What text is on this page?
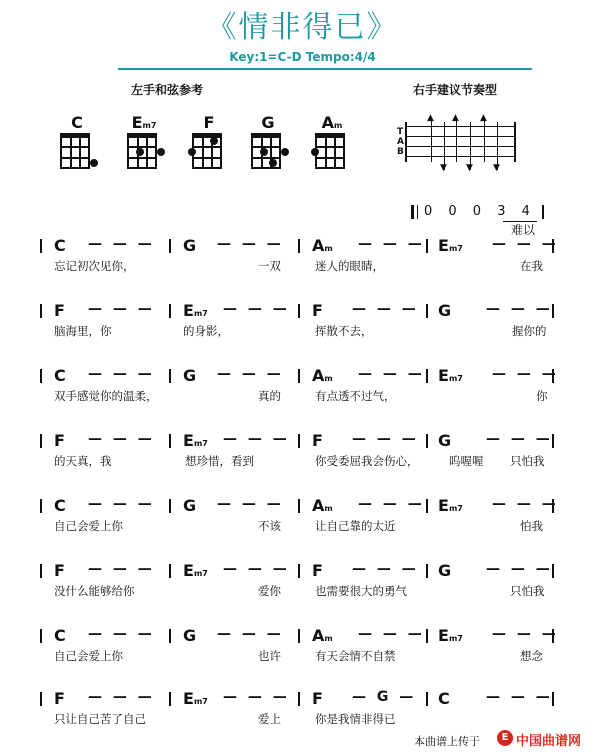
《情非得已》
Key:1=C-D Tempo:4/4
左手和弦参考	右手建议节奏型
C	Em7	F	G	Am
T
A
B
▲
▼
▲
▼
▲
▼
0 0 0 3 4
难以
C — — — G — — — Am — — — Em7 — — —
忘记初次见你，	一双	迷人的眼睛，	在我
F — — — Em7 — — — F — — — G — — —
脑海里，你	的身影，	挥散不去，	握你的
C — — — G — — — Am — — — Em7 — — —
双手感觉你的温柔，	真的	有点透不过气，	你
F — — — Em7 — — — F — — — G — — —
的天真，我	想珍惜，看到	你受委屈我会伤心，	呜喔喔 只怕我
C — — — G — — — Am — — — Em7 — — —
自己会爱上你	不该	让自己靠的太近	怕我
F — — — Em7 — — — F — — — G — — —
没什么能够给你	爱你	也需要很大的勇气	只怕我
C — — — G — — — Am — — — Em7 — — —
自己会爱上你	也许	有天会情不自禁	想念
F — — — Em7 — — — F — G — C	— — —
只让自己苦了自己	爱上	你是我情非得已
本曲谱上传于	E 中国曲谱网
